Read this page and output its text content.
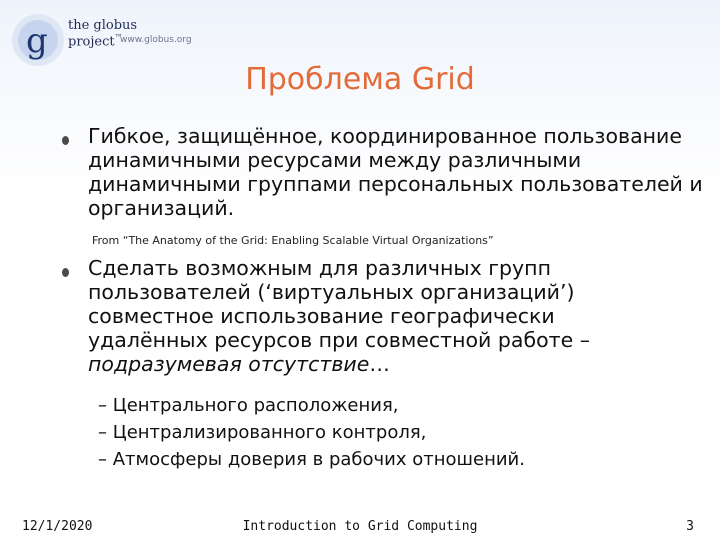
g the globus project™
www.globus.org
Проблема Grid
Гибкое, защищённое, координированное пользование динамичными ресурсами между различными динамичными группами персональных пользователей и организаций.
From “The Anatomy of the Grid: Enabling Scalable Virtual Organizations”
Сделать возможным для различных групп пользователей (‘виртуальных организаций’) совместное использование географически удалённых ресурсов при совместной работе – подразумевая отсутствие…
– Центрального расположения,
– Централизированного контроля,
– Атмосферы доверия в рабочих отношений.
12/1/2020	Introduction to Grid Computing	3
